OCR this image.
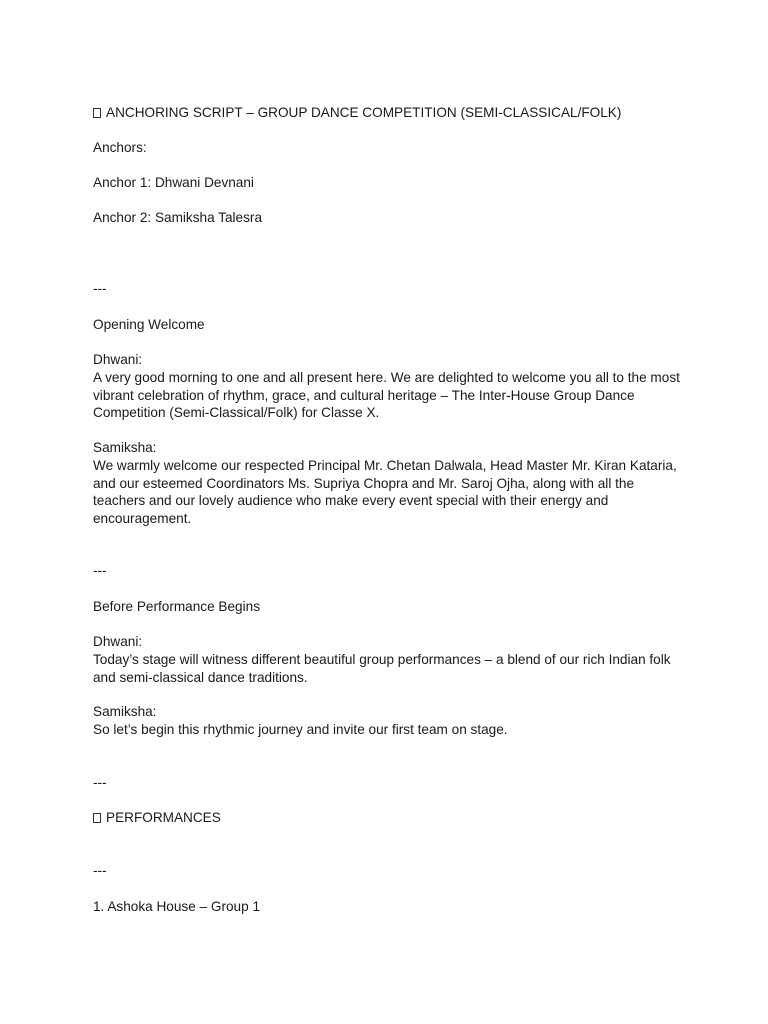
ANCHORING SCRIPT – GROUP DANCE COMPETITION (SEMI-CLASSICAL/FOLK)

Anchors:

Anchor 1: Dhwani Devnani

Anchor 2: Samiksha Talesra

---

Opening Welcome

Dhwani:

A very good morning to one and all present here. We are delighted to welcome you all to the most vibrant celebration of rhythm, grace, and cultural heritage – The Inter-House Group Dance Competition (Semi-Classical/Folk) for Classe X.

Samiksha:

We warmly welcome our respected Principal Mr. Chetan Dalwala, Head Master Mr. Kiran Kataria, and our esteemed Coordinators Ms. Supriya Chopra and Mr. Saroj Ojha, along with all the teachers and our lovely audience who make every event special with their energy and encouragement.

---

Before Performance Begins

Dhwani:

Today’s stage will witness different beautiful group performances – a blend of our rich Indian folk and semi-classical dance traditions.

Samiksha:

So let’s begin this rhythmic journey and invite our first team on stage.

---

PERFORMANCES

---

1. Ashoka House – Group 1
